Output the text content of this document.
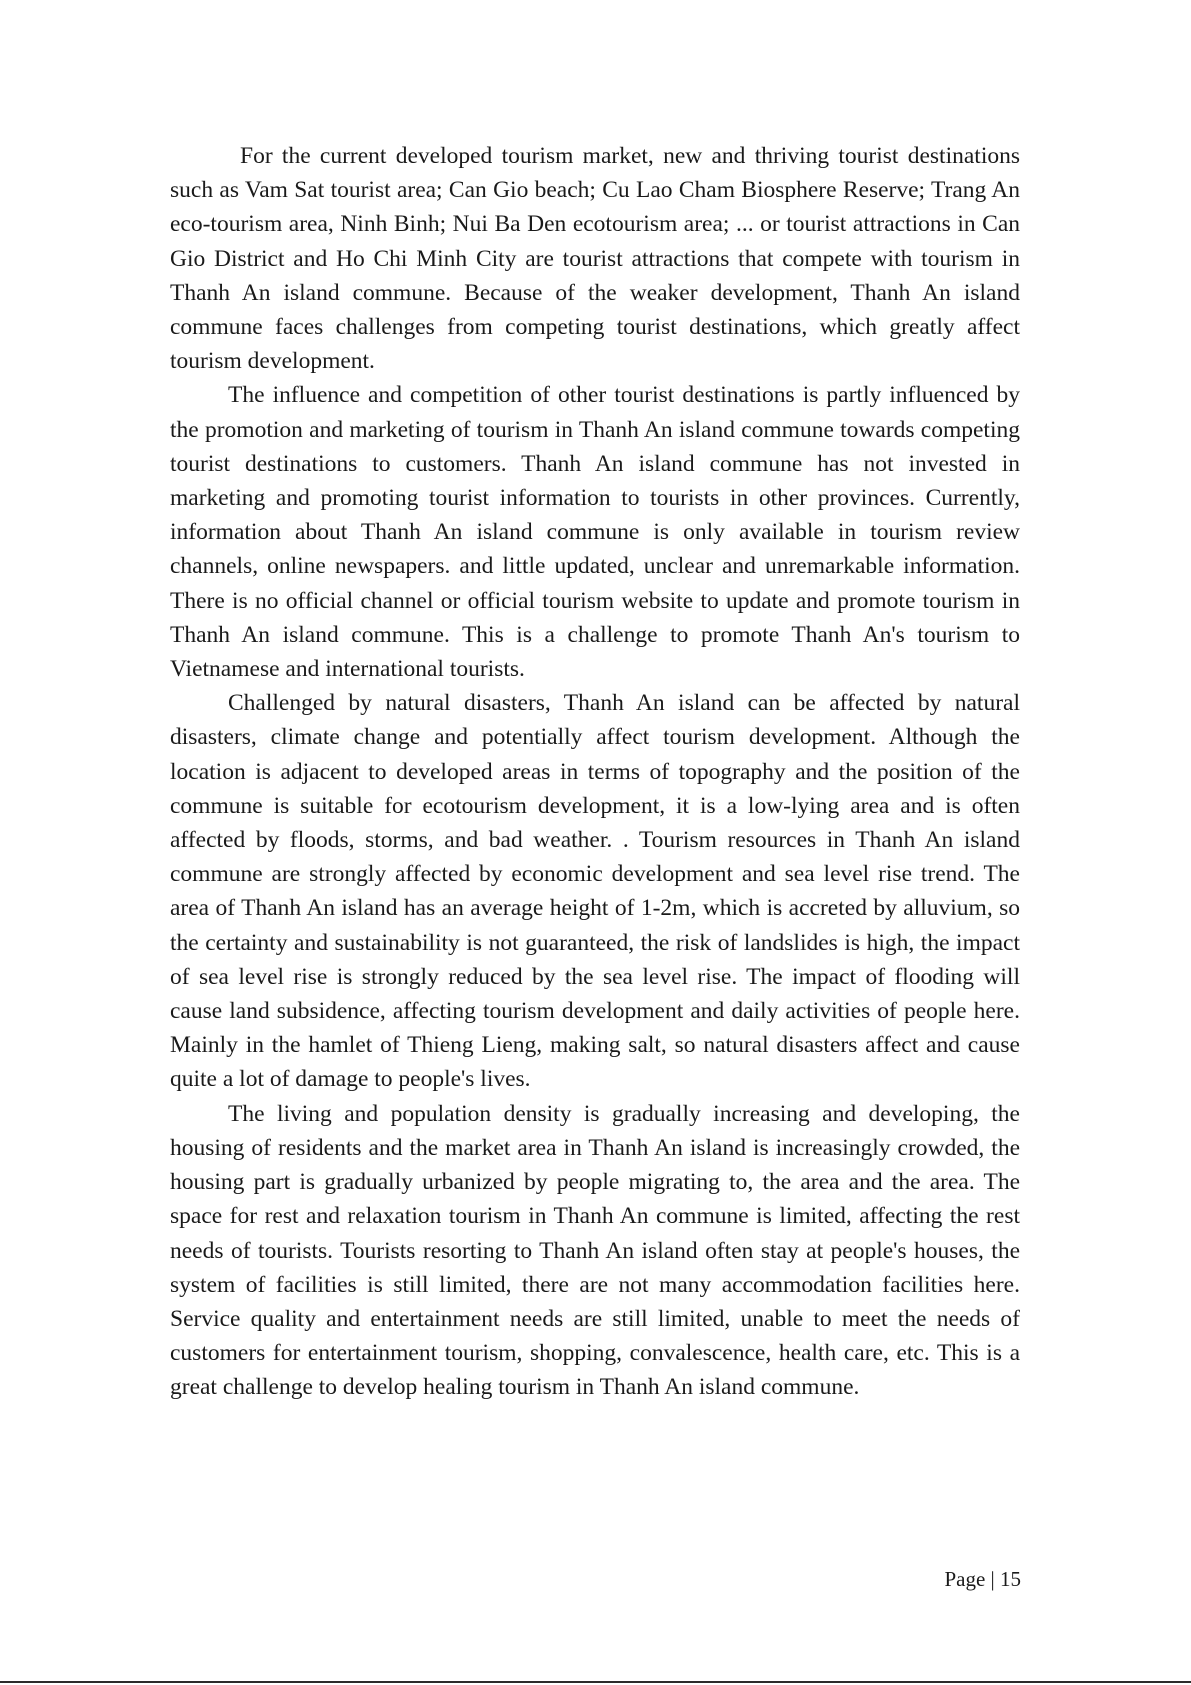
For the current developed tourism market, new and thriving tourist destinations such as Vam Sat tourist area; Can Gio beach; Cu Lao Cham Biosphere Reserve; Trang An eco-tourism area, Ninh Binh; Nui Ba Den ecotourism area; ... or tourist attractions in Can Gio District and Ho Chi Minh City are tourist attractions that compete with tourism in Thanh An island commune. Because of the weaker development, Thanh An island commune faces challenges from competing tourist destinations, which greatly affect tourism development.

The influence and competition of other tourist destinations is partly influenced by the promotion and marketing of tourism in Thanh An island commune towards competing tourist destinations to customers. Thanh An island commune has not invested in marketing and promoting tourist information to tourists in other provinces. Currently, information about Thanh An island commune is only available in tourism review channels, online newspapers. and little updated, unclear and unremarkable information. There is no official channel or official tourism website to update and promote tourism in Thanh An island commune. This is a challenge to promote Thanh An's tourism to Vietnamese and international tourists.

Challenged by natural disasters, Thanh An island can be affected by natural disasters, climate change and potentially affect tourism development. Although the location is adjacent to developed areas in terms of topography and the position of the commune is suitable for ecotourism development, it is a low-lying area and is often affected by floods, storms, and bad weather. . Tourism resources in Thanh An island commune are strongly affected by economic development and sea level rise trend. The area of Thanh An island has an average height of 1-2m, which is accreted by alluvium, so the certainty and sustainability is not guaranteed, the risk of landslides is high, the impact of sea level rise is strongly reduced by the sea level rise. The impact of flooding will cause land subsidence, affecting tourism development and daily activities of people here. Mainly in the hamlet of Thieng Lieng, making salt, so natural disasters affect and cause quite a lot of damage to people's lives.

The living and population density is gradually increasing and developing, the housing of residents and the market area in Thanh An island is increasingly crowded, the housing part is gradually urbanized by people migrating to, the area and the area. The space for rest and relaxation tourism in Thanh An commune is limited, affecting the rest needs of tourists. Tourists resorting to Thanh An island often stay at people's houses, the system of facilities is still limited, there are not many accommodation facilities here. Service quality and entertainment needs are still limited, unable to meet the needs of customers for entertainment tourism, shopping, convalescence, health care, etc. This is a great challenge to develop healing tourism in Thanh An island commune.

Page | 15
